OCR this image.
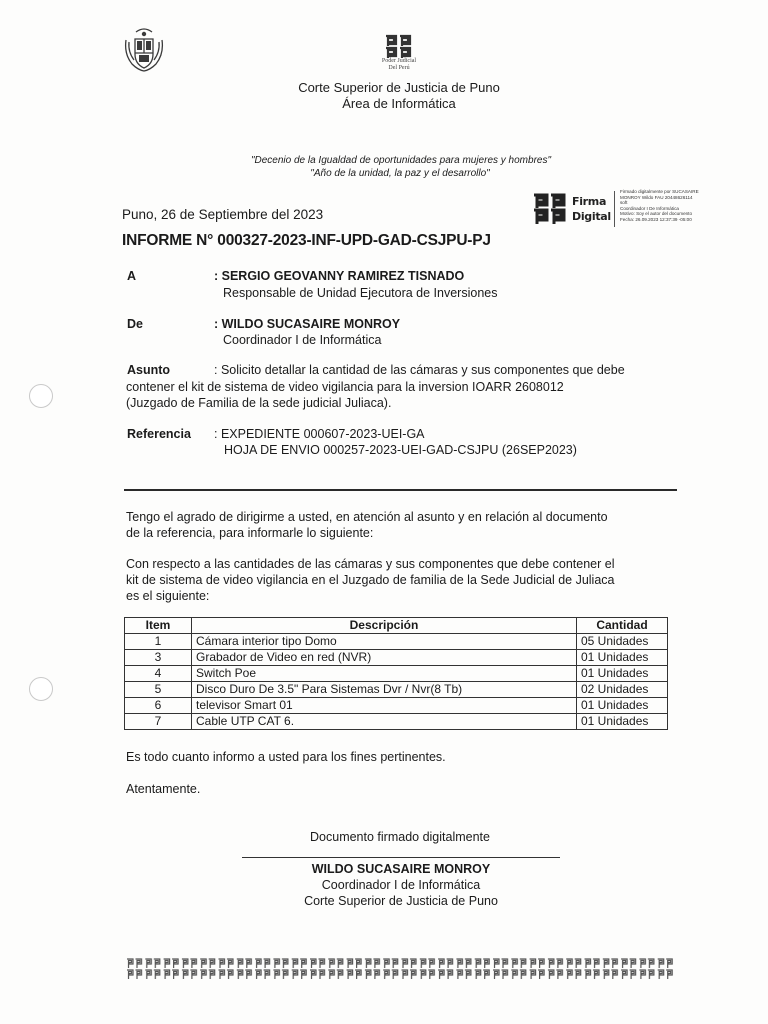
Poder Judicial
Del Perú
Corte Superior de Justicia de Puno
Área de Informática
"Decenio de la Igualdad de oportunidades para mujeres y hombres"
"Año de la unidad, la paz y el desarrollo"
Firma
Digital
Firmado digitalmente por SUCASAIRE
MONROY Wildo FAU 20448626114
soft
Coordinador I De Informática
Motivo: Soy el autor del documento
Fecha: 26.09.2023 12:37:39 -05:00
Puno, 26 de Septiembre del 2023
INFORME N° 000327-2023-INF-UPD-GAD-CSJPU-PJ
A	: SERGIO GEOVANNY RAMIREZ TISNADO
Responsable de Unidad Ejecutora de Inversiones
De	: WILDO SUCASAIRE MONROY
Coordinador I de Informática
Asunto	: Solicito detallar la cantidad de las cámaras y sus componentes que debe
contener el kit de sistema de video vigilancia para la inversion IOARR 2608012
(Juzgado de Familia de la sede judicial Juliaca).
Referencia : EXPEDIENTE 000607-2023-UEI-GA
HOJA DE ENVIO 000257-2023-UEI-GAD-CSJPU (26SEP2023)
Tengo el agrado de dirigirme a usted, en atención al asunto y en relación al documento
de la referencia, para informarle lo siguiente:
Con respecto a las cantidades de las cámaras y sus componentes que debe contener el
kit de sistema de video vigilancia en el Juzgado de familia de la Sede Judicial de Juliaca
es el siguiente:
Item	Descripción	Cantidad
1	Cámara interior tipo Domo	05 Unidades
3	Grabador de Video en red (NVR)	01 Unidades
4	Switch Poe	01 Unidades
5	Disco Duro De 3.5" Para Sistemas Dvr / Nvr(8 Tb)	02 Unidades
6	televisor Smart 01	01 Unidades
7	Cable UTP CAT 6.	01 Unidades
Es todo cuanto informo a usted para los fines pertinentes.
Atentamente.
Documento firmado digitalmente
WILDO SUCASAIRE MONROY
Coordinador I de Informática
Corte Superior de Justicia de Puno
